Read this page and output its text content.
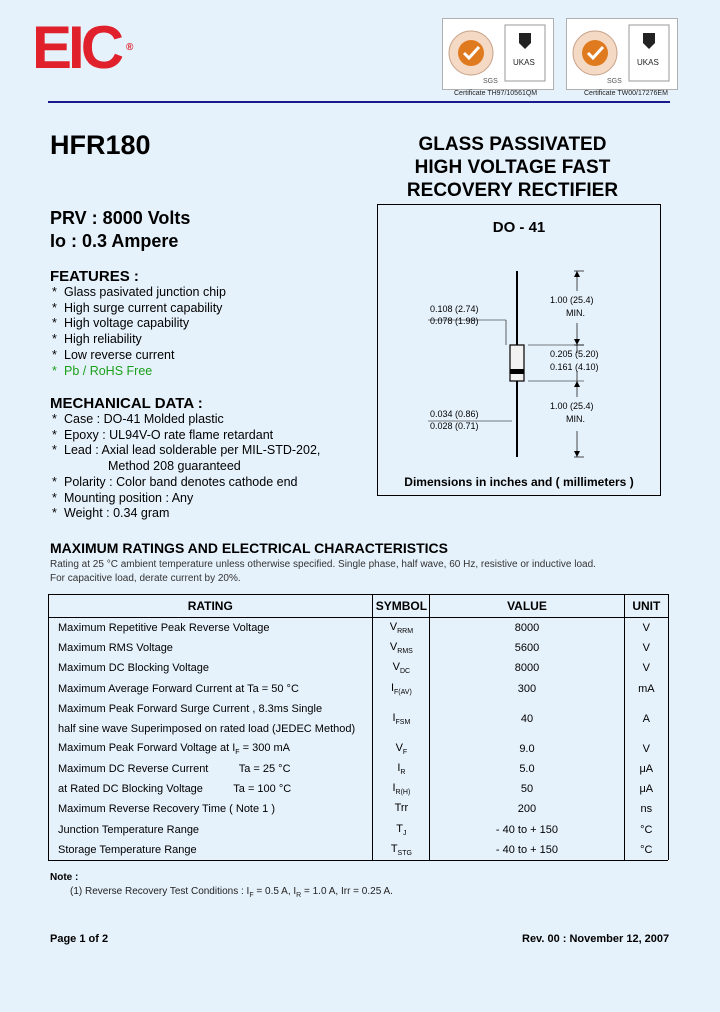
EIC ®
SGS
UKAS
Certificate TH97/10561QM
SGS
UKAS
Certificate TW00/17276EM
HFR180	GLASS PASSIVATED
HIGH VOLTAGE FAST
RECOVERY RECTIFIER
PRV : 8000 Volts
Io : 0.3 Ampere
FEATURES :
* Glass pasivated junction chip
* High surge current capability
* High voltage capability
* High reliability
* Low reverse current
* Pb / RoHS Free
MECHANICAL DATA :
* Case : DO-41 Molded plastic
* Epoxy : UL94V-O rate flame retardant
* Lead : Axial lead solderable per MIL-STD-202,
Method 208 guaranteed
* Polarity : Color band denotes cathode end
* Mounting position : Any
* Weight : 0.34 gram
DO - 41
0.108 (2.74)
0.078 (1.98)
1.00 (25.4)
MIN.
0.205 (5.20)
0.161 (4.10)
0.034 (0.86)
0.028 (0.71)
1.00 (25.4)
MIN.
Dimensions in inches and ( millimeters )
MAXIMUM RATINGS AND ELECTRICAL CHARACTERISTICS
Rating at 25 °C ambient temperature unless otherwise specified. Single phase, half wave, 60 Hz, resistive or inductive load.
For capacitive load, derate current by 20%.
RATING	SYMBOL	VALUE	UNIT
Maximum Repetitive Peak Reverse Voltage	$V_{RRM}$	8000	V
Maximum RMS Voltage	$V_{RMS}$	5600	V
Maximum DC Blocking Voltage	$V_{DC}$	8000	V
Maximum Average Forward Current at Ta = 50 °C	$I_{F(AV)}$	300	mA

Maximum Peak Forward Surge Current , 8.3ms Single
half sine wave Superimposed on rated load (JEDEC Method)	$I_{FSM}$	40	A
Maximum Peak Forward Voltage at $I_F = 300$ mA	$V_F$	9.0	V
Maximum DC Reverse Current          Ta = 25 °C	$I_R$	5.0	μA
at Rated DC Blocking Voltage          Ta = 100 °C	$I_{R(H)}$	50	μA
Maximum Reverse Recovery Time ( Note 1 )	Trr	200	ns
Junction Temperature Range	$T_J$	- 40 to + 150	°C
Storage Temperature Range	$T_{STG}$	- 40 to + 150	°C
Note :
(1) Reverse Recovery Test Conditions : $I_F = 0.5$ A, $I_R = 1.0$ A, Irr = 0.25 A.
Page 1 of 2	Rev. 00 : November 12, 2007
